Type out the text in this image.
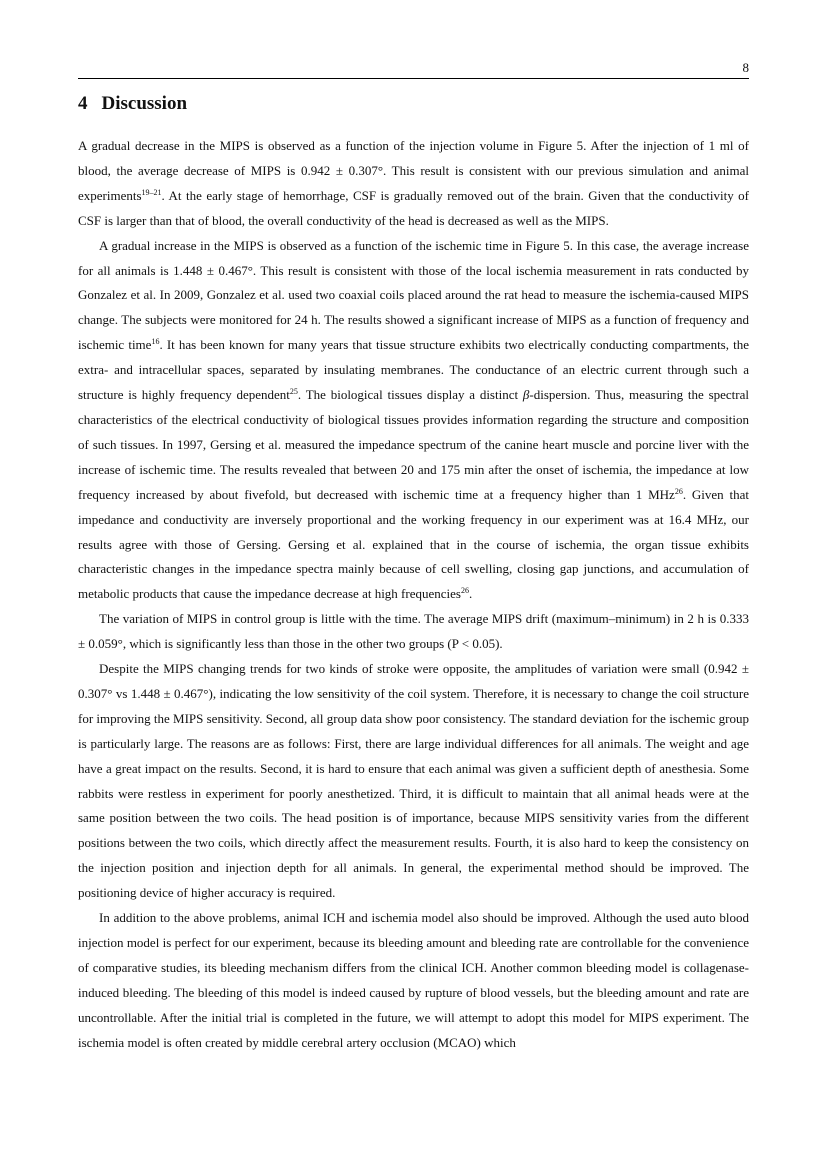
8
4 Discussion

A gradual decrease in the MIPS is observed as a function of the injection volume in Figure 5. After the injection of 1 ml of blood, the average decrease of MIPS is 0.942 ± 0.307°. This result is consistent with our previous simulation and animal experiments$^{19-21}$. At the early stage of hemorrhage, CSF is gradually removed out of the brain. Given that the conductivity of CSF is larger than that of blood, the overall conductivity of the head is decreased as well as the MIPS.

A gradual increase in the MIPS is observed as a function of the ischemic time in Figure 5. In this case, the average increase for all animals is 1.448 ± 0.467°. This result is consistent with those of the local ischemia measurement in rats conducted by Gonzalez et al. In 2009, Gonzalez et al. used two coaxial coils placed around the rat head to measure the ischemia-caused MIPS change. The subjects were monitored for 24 h. The results showed a significant increase of MIPS as a function of frequency and ischemic time$^{16}$. It has been known for many years that tissue structure exhibits two electrically conducting compartments, the extra- and intracellular spaces, separated by insulating membranes. The conductance of an electric current through such a structure is highly frequency dependent$^{25}$. The biological tissues display a distinct β-dispersion. Thus, measuring the spectral characteristics of the electrical conductivity of biological tissues provides information regarding the structure and composition of such tissues. In 1997, Gersing et al. measured the impedance spectrum of the canine heart muscle and porcine liver with the increase of ischemic time. The results revealed that between 20 and 175 min after the onset of ischemia, the impedance at low frequency increased by about fivefold, but decreased with ischemic time at a frequency higher than 1 MHz$^{26}$. Given that impedance and conductivity are inversely proportional and the working frequency in our experiment was at 16.4 MHz, our results agree with those of Gersing. Gersing et al. explained that in the course of ischemia, the organ tissue exhibits characteristic changes in the impedance spectra mainly because of cell swelling, closing gap junctions, and accumulation of metabolic products that cause the impedance decrease at high frequencies$^{26}$.

The variation of MIPS in control group is little with the time. The average MIPS drift (maximum–minimum) in 2 h is 0.333 ± 0.059°, which is significantly less than those in the other two groups (P < 0.05).

Despite the MIPS changing trends for two kinds of stroke were opposite, the amplitudes of variation were small (0.942 ± 0.307° vs 1.448 ± 0.467°), indicating the low sensitivity of the coil system. Therefore, it is necessary to change the coil structure for improving the MIPS sensitivity. Second, all group data show poor consistency. The standard deviation for the ischemic group is particularly large. The reasons are as follows: First, there are large individual differences for all animals. The weight and age have a great impact on the results. Second, it is hard to ensure that each animal was given a sufficient depth of anesthesia. Some rabbits were restless in experiment for poorly anesthetized. Third, it is difficult to maintain that all animal heads were at the same position between the two coils. The head position is of importance, because MIPS sensitivity varies from the different positions between the two coils, which directly affect the measurement results. Fourth, it is also hard to keep the consistency on the injection position and injection depth for all animals. In general, the experimental method should be improved. The positioning device of higher accuracy is required.

In addition to the above problems, animal ICH and ischemia model also should be improved. Although the used auto blood injection model is perfect for our experiment, because its bleeding amount and bleeding rate are controllable for the convenience of comparative studies, its bleeding mechanism differs from the clinical ICH. Another common bleeding model is collagenase-induced bleeding. The bleeding of this model is indeed caused by rupture of blood vessels, but the bleeding amount and rate are uncontrollable. After the initial trial is completed in the future, we will attempt to adopt this model for MIPS experiment. The ischemia model is often created by middle cerebral artery occlusion (MCAO) which
